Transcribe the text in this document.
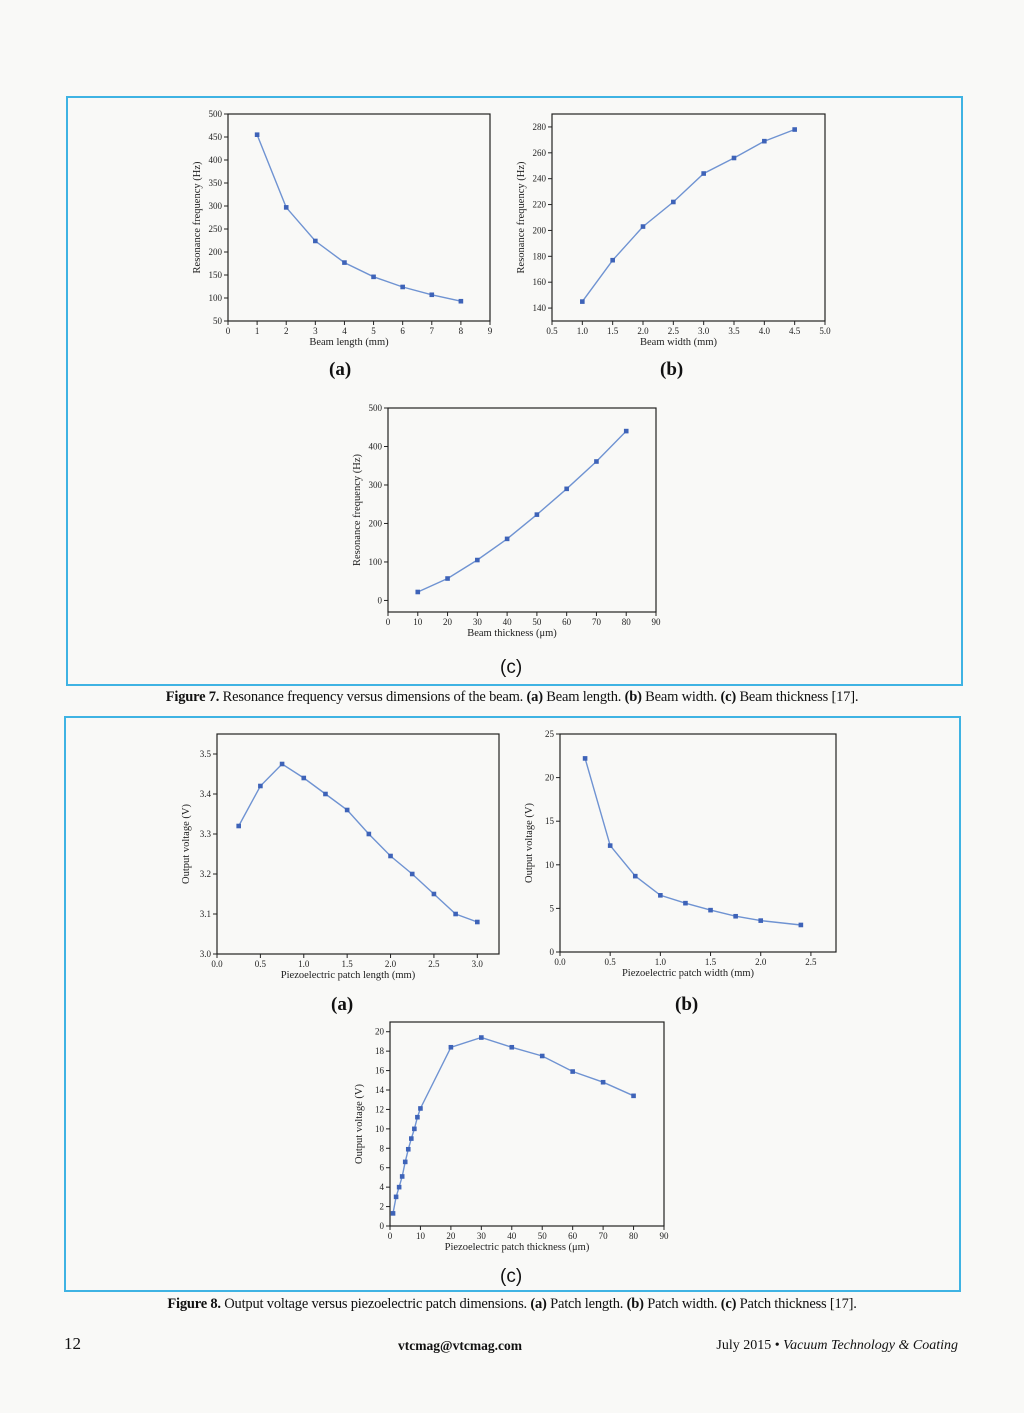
0	1	2	3	4	5	6	7	8	9
50
100
150
200
250
300
350
400
450
500
Beam length (mm)
Resonance frequency (Hz)
0.5 1.0 1.5 2.0 2.5 3.0 3.5 4.0 4.5 5.0
140
160
180
200
220
240
260
280
Beam width (mm)
Resonance frequency (Hz)
0	10 20 30 40 50 60 70 80 90
0
100
200
300
400
500
Beam thickness (μm)
Resonance frequency (Hz)
(a)	(b)
(c)
Figure 7. Resonance frequency versus dimensions of the beam. (a) Beam length. (b) Beam width. (c) Beam thickness [17].
0.0	0.5	1.0	1.5	2.0	2.5	3.0
3.0
3.1
3.2
3.3
3.4
3.5
Piezoelectric patch length (mm)
Output voltage (V)
0.0	0.5	1.0	1.5	2.0	2.5
0
5
10
15
20
25
Piezoelectric patch width (mm)
Output voltage (V)
0	10 20 30 40 50 60 70 80 90
0
2
4
6
8
10
12
14
16
18
20
Piezoelectric patch thickness (μm)
Output voltage (V)
(a)	(b)
(c)
Figure 8. Output voltage versus piezoelectric patch dimensions. (a) Patch length. (b) Patch width. (c) Patch thickness [17].
12	vtcmag@vtcmag.com	July 2015 • Vacuum Technology & Coating
